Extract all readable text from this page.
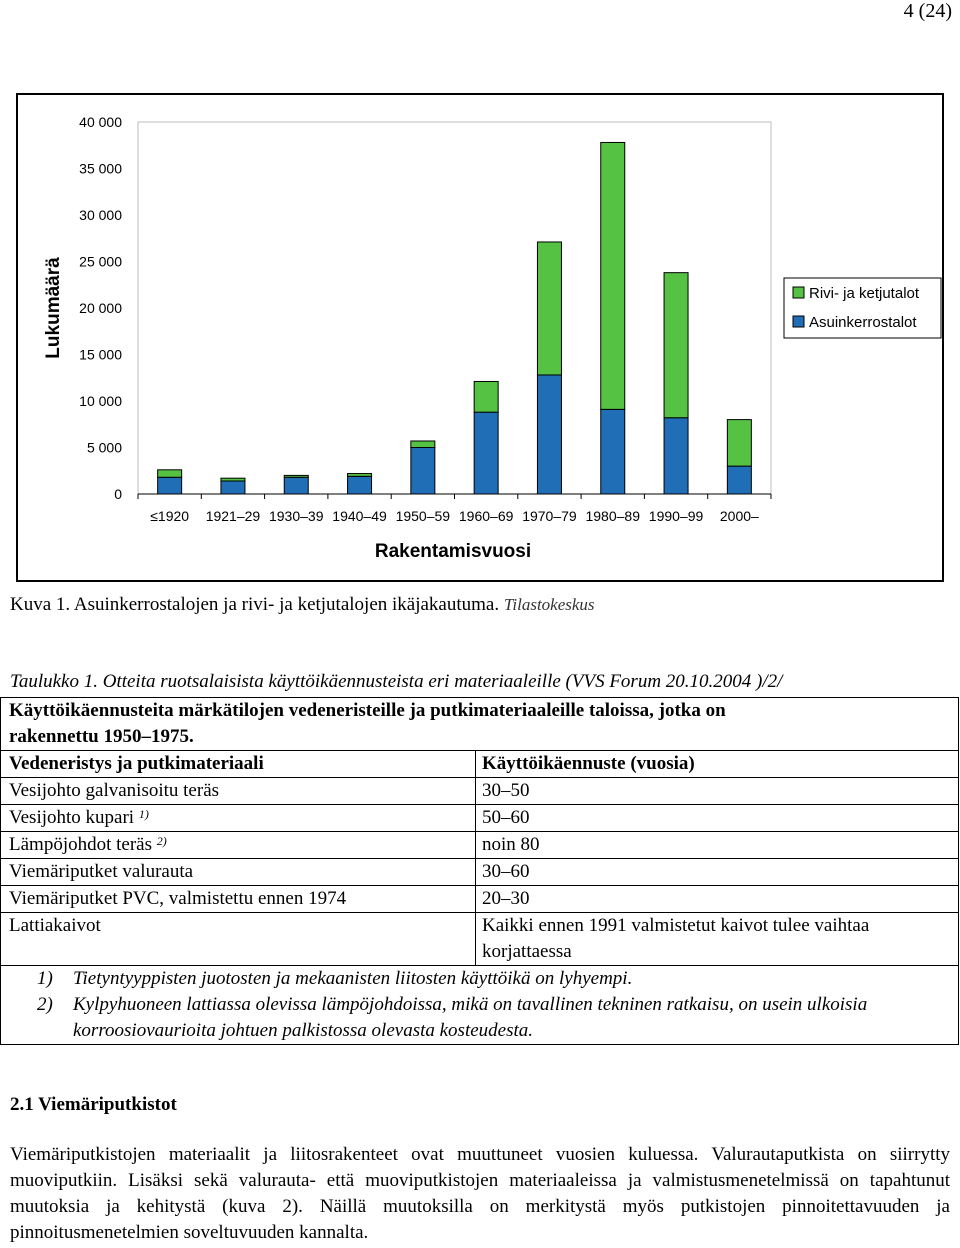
4 (24)
0
5 000
10 000
15 000
20 000
25 000
30 000
35 000
40 000
Lukumäärä
≤1920 1921–29 1930–39 1940–49 1950–59 1960–69 1970–79 1980–89 1990–99 2000–
Rakentamisvuosi
Rivi- ja ketjutalot
Asuinkerrostalot
Kuva 1. Asuinkerrostalojen ja rivi- ja ketjutalojen ikäjakautuma. Tilastokeskus
Taulukko 1. Otteita ruotsalaisista käyttöikäennusteista eri materiaaleille (VVS Forum 20.10.2004 )/2/
Käyttöikäennusteita märkätilojen vedeneristeille ja putkimateriaaleille taloissa, jotka on
rakennettu 1950–1975.	

Vedeneristys ja putkimateriaali	Käyttöikäennuste (vuosia)
Vesijohto galvanisoitu teräs	30–50
Vesijohto kupari $^{1)}$	50–60
Lämpöjohdot teräs $^{2)}$	noin 80
Viemäriputket valurauta	30–60
Viemäriputket PVC, valmistettu ennen 1974	20–30
Lattiakaivot	Kaikki ennen 1991 valmistetut kaivot tulee vaihtaa
korjattaessa

1) Tietyntyyppisten juotosten ja mekaanisten liitosten käyttöikä on lyhyempi.
2) Kylpyhuoneen lattiassa olevissa lämpöjohdoissa, mikä on tavallinen tekninen ratkaisu, on usein ulkoisia korroosiovaurioita johtuen palkistossa olevasta kosteudesta.	
2.1 Viemäriputkistot
Viemäriputkistojen materiaalit ja liitosrakenteet ovat muuttuneet vuosien kuluessa. Valurautaputkista on siirrytty muoviputkiin. Lisäksi sekä valurauta- että muoviputkistojen materiaaleissa ja valmistusmenetelmissä on tapahtunut muutoksia ja kehitystä (kuva 2). Näillä muutoksilla on merkitystä myös putkistojen pinnoitettavuuden ja pinnoitusmenetelmien soveltuvuuden kannalta.
